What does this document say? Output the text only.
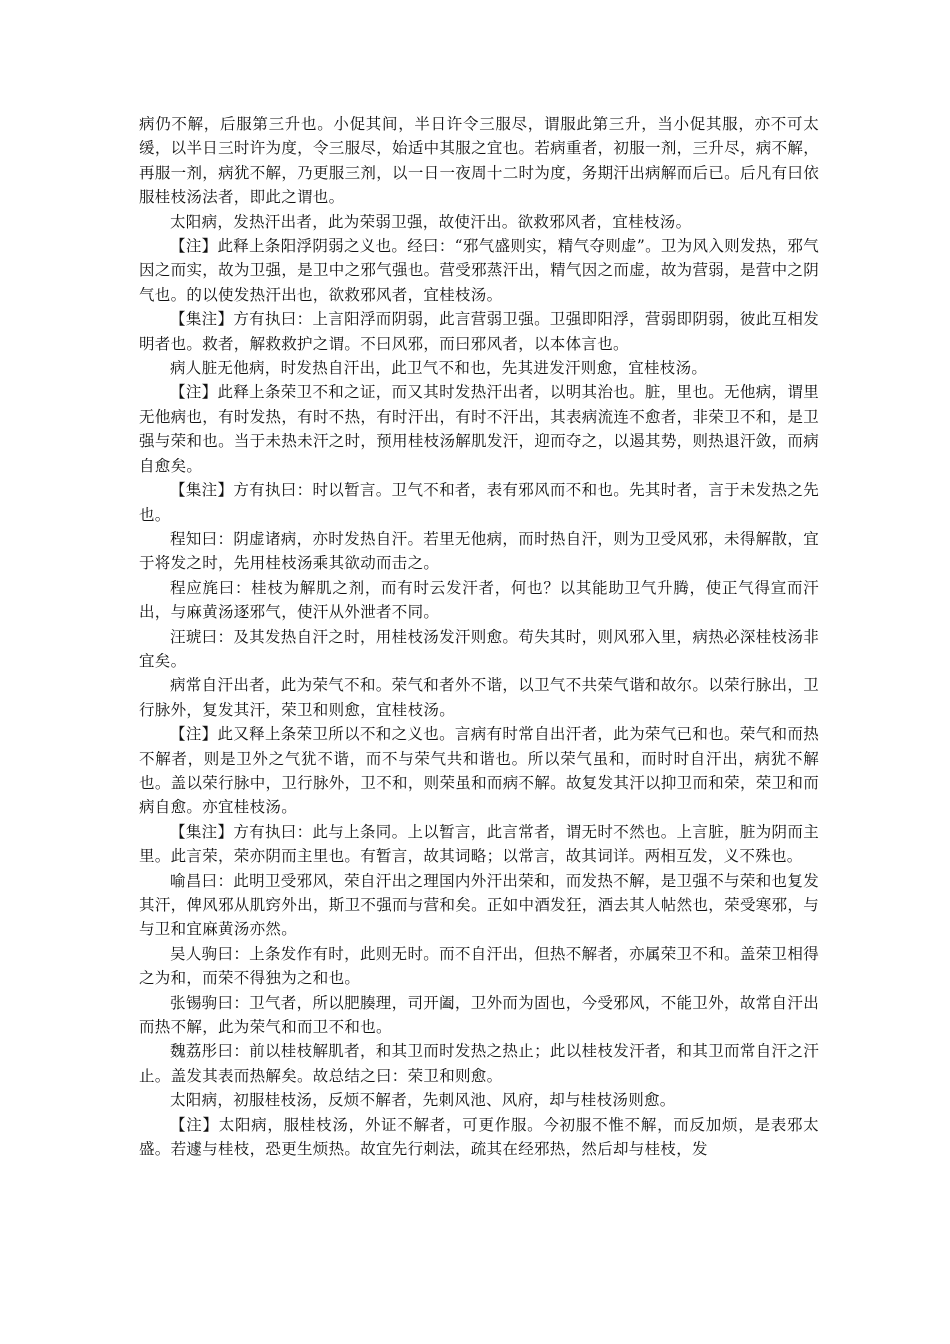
病仍不解，后服第三升也。小促其间，半日许令三服尽，谓服此第三升，当小促其服，亦不可太缓，以半日三时许为度，令三服尽，始适中其服之宜也。若病重者，初服一剂，三升尽，病不解，再服一剂，病犹不解，乃更服三剂，以一日一夜周十二时为度，务期汗出病解而后已。后凡有曰依服桂枝汤法者，即此之谓也。

太阳病，发热汗出者，此为荣弱卫强，故使汗出。欲救邪风者，宜桂枝汤。

【注】此释上条阳浮阴弱之义也。经曰：“邪气盛则实，精气夺则虚”。卫为风入则发热，邪气因之而实，故为卫强，是卫中之邪气强也。营受邪蒸汗出，精气因之而虚，故为营弱，是营中之阴气也。的以使发热汗出也，欲救邪风者，宜桂枝汤。

【集注】方有执曰：上言阳浮而阴弱，此言营弱卫强。卫强即阳浮，营弱即阴弱，彼此互相发明者也。救者，解救救护之谓。不曰风邪，而曰邪风者，以本体言也。

病人脏无他病，时发热自汗出，此卫气不和也，先其进发汗则愈，宜桂枝汤。

【注】此释上条荣卫不和之证，而又其时发热汗出者，以明其治也。脏，里也。无他病，谓里无他病也，有时发热，有时不热，有时汗出，有时不汗出，其表病流连不愈者，非荣卫不和，是卫强与荣和也。当于未热未汗之时，预用桂枝汤解肌发汗，迎而夺之，以遏其势，则热退汗敛，而病自愈矣。

【集注】方有执曰：时以暂言。卫气不和者，表有邪风而不和也。先其时者，言于未发热之先也。

程知曰：阴虚诸病，亦时发热自汗。若里无他病，而时热自汗，则为卫受风邪，未得解散，宜于将发之时，先用桂枝汤乘其欲动而击之。

程应旄曰：桂枝为解肌之剂，而有时云发汗者，何也？以其能助卫气升腾，使正气得宣而汗出，与麻黄汤逐邪气，使汗从外泄者不同。

汪琥曰：及其发热自汗之时，用桂枝汤发汗则愈。苟失其时，则风邪入里，病热必深桂枝汤非宜矣。

病常自汗出者，此为荣气不和。荣气和者外不谐，以卫气不共荣气谐和故尔。以荣行脉出，卫行脉外，复发其汗，荣卫和则愈，宜桂枝汤。

【注】此又释上条荣卫所以不和之义也。言病有时常自出汗者，此为荣气已和也。荣气和而热不解者，则是卫外之气犹不谐，而不与荣气共和谐也。所以荣气虽和，而时时自汗出，病犹不解也。盖以荣行脉中，卫行脉外，卫不和，则荣虽和而病不解。故复发其汗以抑卫而和荣，荣卫和而病自愈。亦宜桂枝汤。

【集注】方有执曰：此与上条同。上以暂言，此言常者，谓无时不然也。上言脏，脏为阴而主里。此言荣，荣亦阴而主里也。有暂言，故其词略；以常言，故其词详。两相互发，义不殊也。

喻昌曰：此明卫受邪风，荣自汗出之理国内外汗出荣和，而发热不解，是卫强不与荣和也复发其汗，俾风邪从肌窍外出，斯卫不强而与营和矣。正如中酒发狂，酒去其人帖然也，荣受寒邪，与与卫和宜麻黄汤亦然。

吴人驹曰：上条发作有时，此则无时。而不自汗出，但热不解者，亦属荣卫不和。盖荣卫相得之为和，而荣不得独为之和也。

张锡驹曰：卫气者，所以肥腠理，司开阖，卫外而为固也，今受邪风，不能卫外，故常自汗出而热不解，此为荣气和而卫不和也。

魏荔彤曰：前以桂枝解肌者，和其卫而时发热之热止；此以桂枝发汗者，和其卫而常自汗之汗止。盖发其表而热解矣。故总结之曰：荣卫和则愈。

太阳病，初服桂枝汤，反烦不解者，先刺风池、风府，却与桂枝汤则愈。

【注】太阳病，服桂枝汤，外证不解者，可更作服。今初服不惟不解，而反加烦，是表邪太盛。若遽与桂枝，恐更生烦热。故宜先行刺法，疏其在经邪热，然后却与桂枝，发
